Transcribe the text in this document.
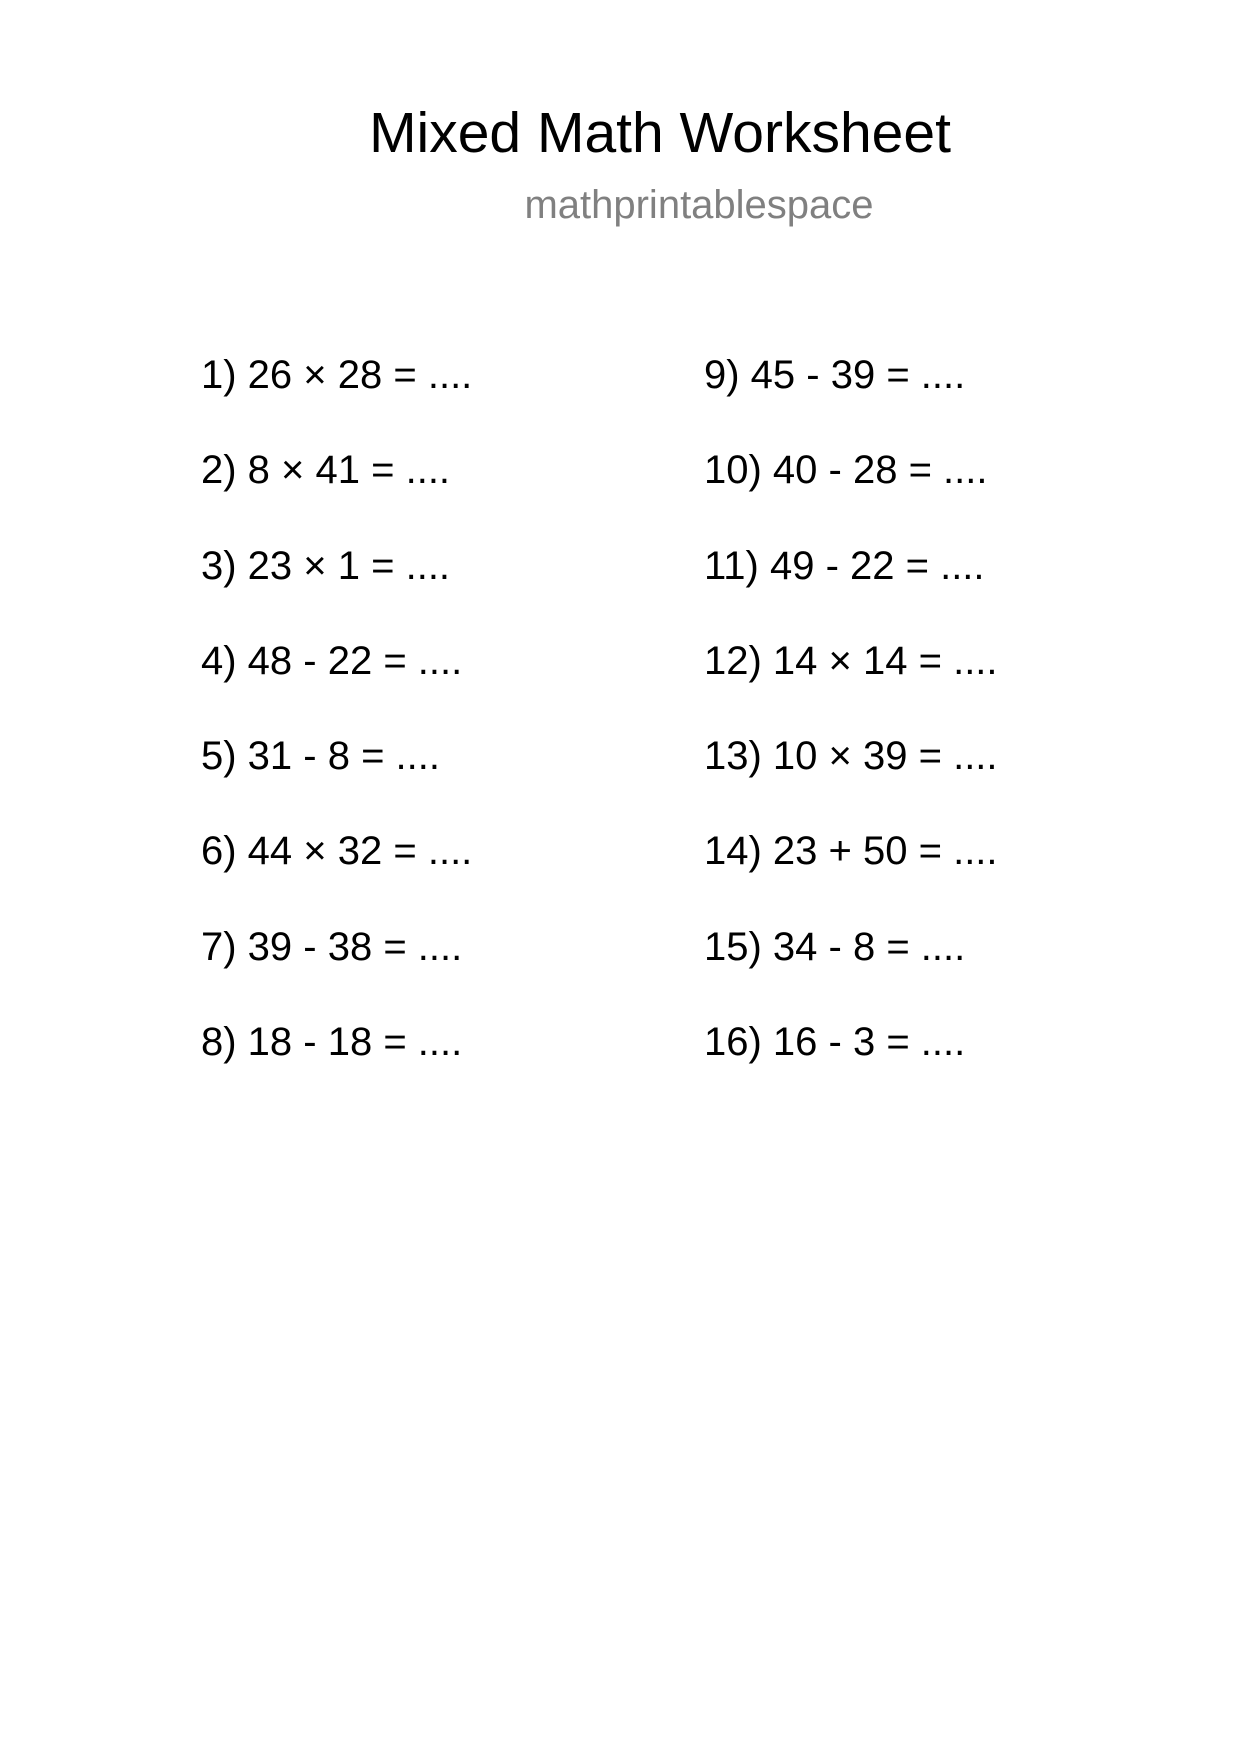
Mixed Math Worksheet
mathprintablespace
1) 26 × 28 = ....
2) 8 × 41 = ....
3) 23 × 1 = ....
4) 48 - 22 = ....
5) 31 - 8 = ....
6) 44 × 32 = ....
7) 39 - 38 = ....
8) 18 - 18 = ....
9) 45 - 39 = ....
10) 40 - 28 = ....
11) 49 - 22 = ....
12) 14 × 14 = ....
13) 10 × 39 = ....
14) 23 + 50 = ....
15) 34 - 8 = ....
16) 16 - 3 = ....
